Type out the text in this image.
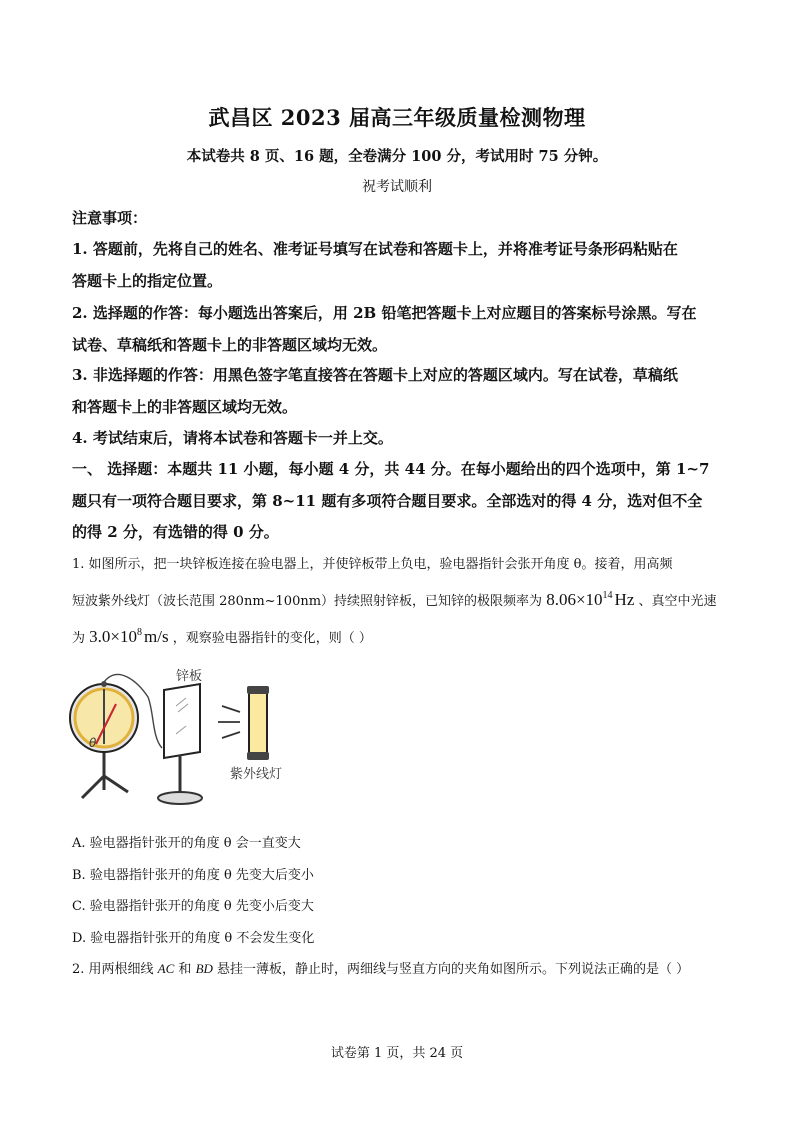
武昌区 2023 届高三年级质量检测物理
本试卷共 8 页、16 题，全卷满分 100 分，考试用时 75 分钟。
祝考试顺利
注意事项：
1. 答题前，先将自己的姓名、准考证号填写在试卷和答题卡上，并将准考证号条形码粘贴在
答题卡上的指定位置。
2. 选择题的作答：每小题选出答案后，用 2B 铅笔把答题卡上对应题目的答案标号涂黑。写在
试卷、草稿纸和答题卡上的非答题区域均无效。
3. 非选择题的作答：用黑色签字笔直接答在答题卡上对应的答题区域内。写在试卷，草稿纸
和答题卡上的非答题区域均无效。
4. 考试结束后，请将本试卷和答题卡一并上交。
一、 选择题：本题共 11 小题，每小题 4 分，共 44 分。在每小题给出的四个选项中，第 1~7
题只有一项符合题目要求，第 8~11 题有多项符合题目要求。全部选对的得 4 分，选对但不全
的得 2 分，有选错的得 0 分。
1. 如图所示，把一块锌板连接在验电器上，并使锌板带上负电，验电器指针会张开角度 θ。接着，用高频
短波紫外线灯（波长范围 280nm~100nm）持续照射锌板，已知锌的极限频率为 $8.06\times 10^{14}$ Hz 、真空中光速
为 $3.0\times 10^8$ m/s ，观察验电器指针的变化，则（ ）
θ
锌板
紫外线灯
A. 验电器指针张开的角度 θ 会一直变大
B. 验电器指针张开的角度 θ 先变大后变小
C. 验电器指针张开的角度 θ 先变小后变大
D. 验电器指针张开的角度 θ 不会发生变化
2. 用两根细线 AC 和 BD 悬挂一薄板，静止时，两细线与竖直方向的夹角如图所示。下列说法正确的是（ ）
试卷第 1 页，共 24 页
